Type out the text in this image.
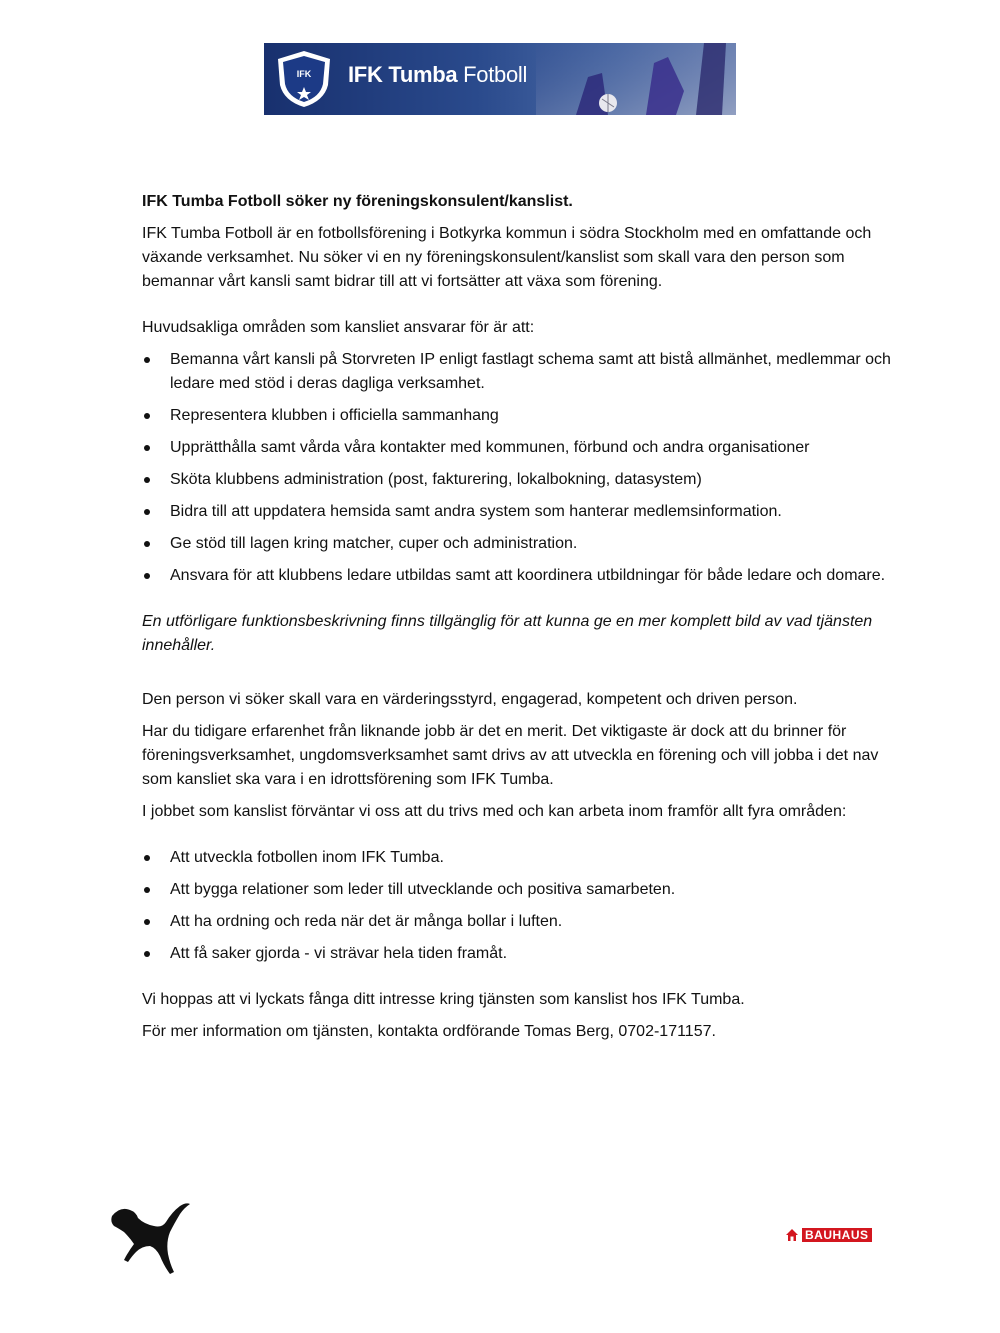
IFK IFK Tumba Fotboll

IFK Tumba Fotboll söker ny föreningskonsulent/kanslist.

IFK Tumba Fotboll är en fotbollsförening i Botkyrka kommun i södra Stockholm med en omfattande och växande verksamhet. Nu söker vi en ny föreningskonsulent/kanslist som skall vara den person som bemannar vårt kansli samt bidrar till att vi fortsätter att växa som förening.

Huvudsakliga områden som kansliet ansvarar för är att:

Bemanna vårt kansli på Storvreten IP enligt fastlagt schema samt att bistå allmänhet, medlemmar och ledare med stöd i deras dagliga verksamhet.
Representera klubben i officiella sammanhang
Upprätthålla samt vårda våra kontakter med kommunen, förbund och andra organisationer
Sköta klubbens administration (post, fakturering, lokalbokning, datasystem)
Bidra till att uppdatera hemsida samt andra system som hanterar medlemsinformation.
Ge stöd till lagen kring matcher, cuper och administration.
Ansvara för att klubbens ledare utbildas samt att koordinera utbildningar för både ledare och domare.

En utförligare funktionsbeskrivning finns tillgänglig för att kunna ge en mer komplett bild av vad tjänsten innehåller.

Den person vi söker skall vara en värderingsstyrd, engagerad, kompetent och driven person.

Har du tidigare erfarenhet från liknande jobb är det en merit. Det viktigaste är dock att du brinner för föreningsverksamhet, ungdomsverksamhet samt drivs av att utveckla en förening och vill jobba i det nav som kansliet ska vara i en idrottsförening som IFK Tumba.

I jobbet som kanslist förväntar vi oss att du trivs med och kan arbeta inom framför allt fyra områden:

Att utveckla fotbollen inom IFK Tumba.
Att bygga relationer som leder till utvecklande och positiva samarbeten.
Att ha ordning och reda när det är många bollar i luften.
Att få saker gjorda - vi strävar hela tiden framåt.

Vi hoppas att vi lyckats fånga ditt intresse kring tjänsten som kanslist hos IFK Tumba.

För mer information om tjänsten, kontakta ordförande Tomas Berg, 0702-171157.

BAUHAUS
